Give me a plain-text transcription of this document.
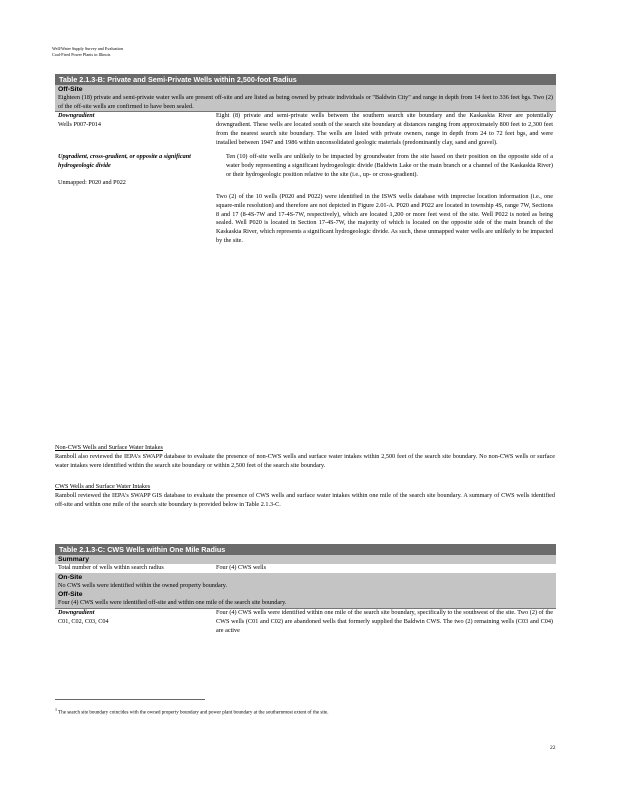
Well/Water Supply Survey and Evaluation
Coal-Fired Power Plants in Illinois
Table 2.1.3-B: Private and Semi-Private Wells within 2,500-foot Radius
Off-Site
Eighteen (18) private and semi-private water wells are present off-site and are listed as being owned by private individuals or "Baldwin City" and range in depth from 14 feet to 336 feet bgs. Two (2) of the off-site wells are confirmed to have been sealed.
Downgradient
Wells P007-P014
Eight (8) private and semi-private wells between the southern search site boundary and the Kaskaskia River are potentially downgradient. These wells are located south of the search site boundary at distances ranging from approximately 800 feet to 2,300 feet from the nearest search site boundary. The wells are listed with private owners, range in depth from 24 to 72 feet bgs, and were installed between 1947 and 1986 within unconsolidated geologic materials (predominantly clay, sand and gravel).
Upgradient, cross-gradient, or opposite a significant hydrogeologic divide
Unmapped: P020 and P022
Ten (10) off-site wells are unlikely to be impacted by groundwater from the site based on their position on the opposite side of a water body representing a significant hydrogeologic divide (Baldwin Lake or the main branch or a channel of the Kaskaskia River) or their hydrogeologic position relative to the site (i.e., up- or cross-gradient).
Two (2) of the 10 wells (P020 and P022) were identified in the ISWS wells database with imprecise location information (i.e., one square-mile resolution) and therefore are not depicted in Figure 2.01-A. P020 and P022 are located in township 4S, range 7W, Sections 8 and 17 (8-4S-7W and 17-4S-7W, respectively), which are located 1,200 or more feet west of the site. Well P022 is noted as being sealed. Well P020 is located in Section 17-4S-7W, the majority of which is located on the opposite side of the main branch of the Kaskaskia River, which represents a significant hydrogeologic divide. As such, these unmapped water wells are unlikely to be impacted by the site.
Non-CWS Wells and Surface Water Intakes
Ramboll also reviewed the IEPA's SWAPP database to evaluate the presence of non-CWS wells and surface water intakes within 2,500 feet of the search site boundary. No non-CWS wells or surface water intakes were identified within the search site boundary or within 2,500 feet of the search site boundary.
CWS Wells and Surface Water Intakes
Ramboll reviewed the IEPA's SWAPP GIS database to evaluate the presence of CWS wells and surface water intakes within one mile of the search site boundary. A summary of CWS wells identified off-site and within one mile of the search site boundary is provided below in Table 2.1.3-C.
Table 2.1.3-C: CWS Wells within One Mile Radius
Summary
Total number of wells within search radius	Four (4) CWS wells
On-Site
No CWS wells were identified within the owned property boundary.
Off-Site
Four (4) CWS wells were identified off-site and within one mile of the search site boundary.
Downgradient
C01, C02, C03, C04
Four (4) CWS wells were identified within one mile of the search site boundary, specifically to the southwest of the site. Two (2) of the CWS wells (C01 and C02) are abandoned wells that formerly supplied the Baldwin CWS. The two (2) remaining wells (C03 and C04) are active
$^1$ The search site boundary coincides with the owned property boundary and power plant boundary at the southernmost extent of the site.
22
